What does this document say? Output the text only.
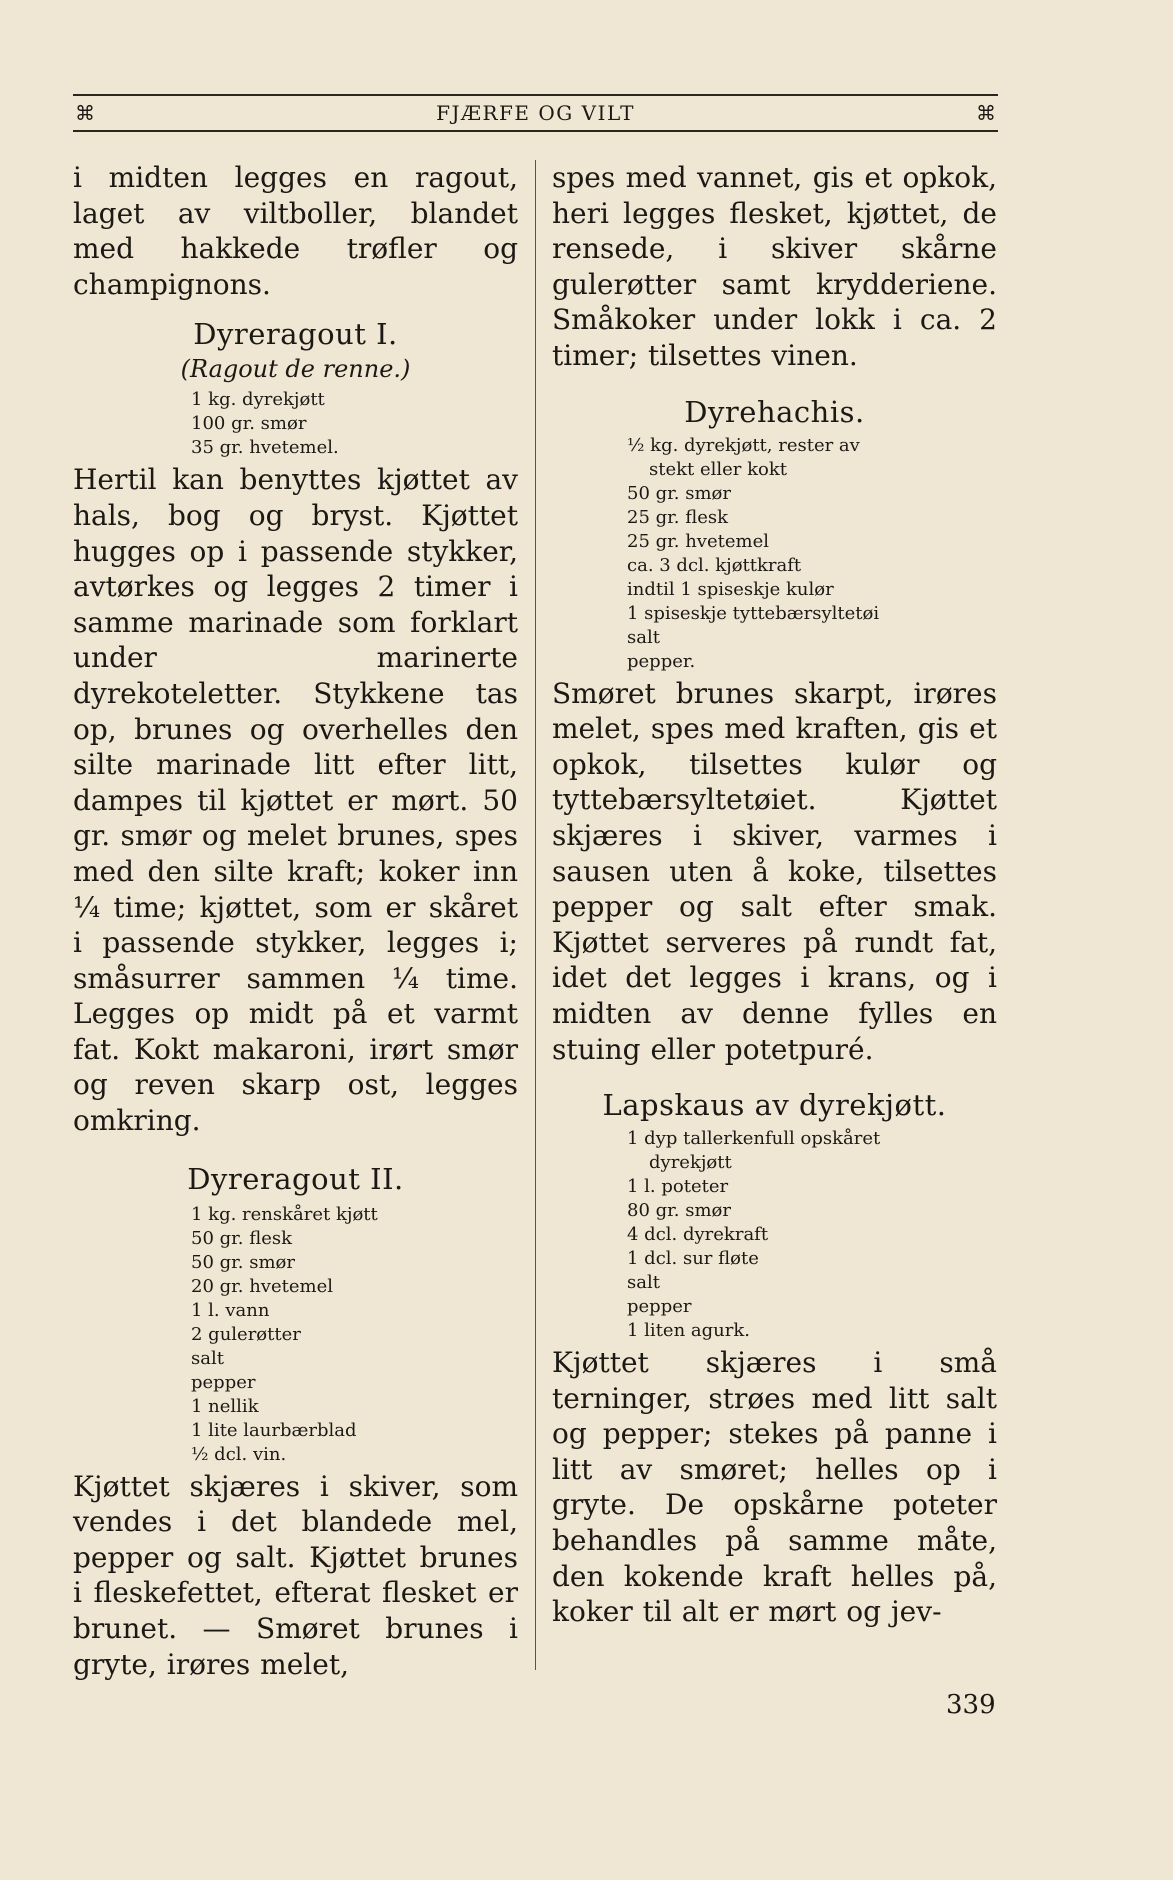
⌘	FJÆRFE OG VILT	⌘

i midten legges en ragout, laget av viltboller, blandet med hakkede trøfler og champignons.

Dyreragout I.

(Ragout de renne.)

1 kg. dyrekjøtt
100 gr. smør
35 gr. hvetemel.

Hertil kan benyttes kjøttet av hals, bog og bryst. Kjøttet hugges op i passende stykker, avtørkes og legges 2 timer i samme marinade som forklart under marinerte dyrekoteletter. Stykkene tas op, brunes og overhelles den silte marinade litt efter litt, dampes til kjøttet er mørt. 50 gr. smør og melet brunes, spes med den silte kraft; koker inn ¼ time; kjøttet, som er skåret i passende stykker, legges i; småsurrer sammen ¼ time. Legges op midt på et varmt fat. Kokt makaroni, irørt smør og reven skarp ost, legges omkring.

Dyreragout II.
1 kg. renskåret kjøtt
50 gr. flesk
50 gr. smør
20 gr. hvetemel
1 l. vann
2 gulerøtter
salt
pepper
1 nellik
1 lite laurbærblad
½ dcl. vin.

Kjøttet skjæres i skiver, som vendes i det blandede mel, pepper og salt. Kjøttet brunes i fleskefettet, efterat flesket er brunet. — Smøret brunes i gryte, irøres melet,

spes med vannet, gis et opkok, heri legges flesket, kjøttet, de rensede, i skiver skårne gulerøtter samt krydderiene. Småkoker under lokk i ca. 2 timer; tilsettes vinen.

Dyrehachis.
½ kg. dyrekjøtt, rester av
stekt eller kokt
50 gr. smør
25 gr. flesk
25 gr. hvetemel
ca. 3 dcl. kjøttkraft
indtil 1 spiseskje kulør
1 spiseskje tyttebærsyltetøi
salt
pepper.

Smøret brunes skarpt, irøres melet, spes med kraften, gis et opkok, tilsettes kulør og tyttebærsyltetøiet. Kjøttet skjæres i skiver, varmes i sausen uten å koke, tilsettes pepper og salt efter smak. Kjøttet serveres på rundt fat, idet det legges i krans, og i midten av denne fylles en stuing eller potetpuré.

Lapskaus av dyrekjøtt.
1 dyp tallerkenfull opskåret
dyrekjøtt
1 l. poteter
80 gr. smør
4 dcl. dyrekraft
1 dcl. sur fløte
salt
pepper
1 liten agurk.

Kjøttet skjæres i små terninger, strøes med litt salt og pepper; stekes på panne i litt av smøret; helles op i gryte. De opskårne poteter behandles på samme måte, den kokende kraft helles på, koker til alt er mørt og jev-

339
